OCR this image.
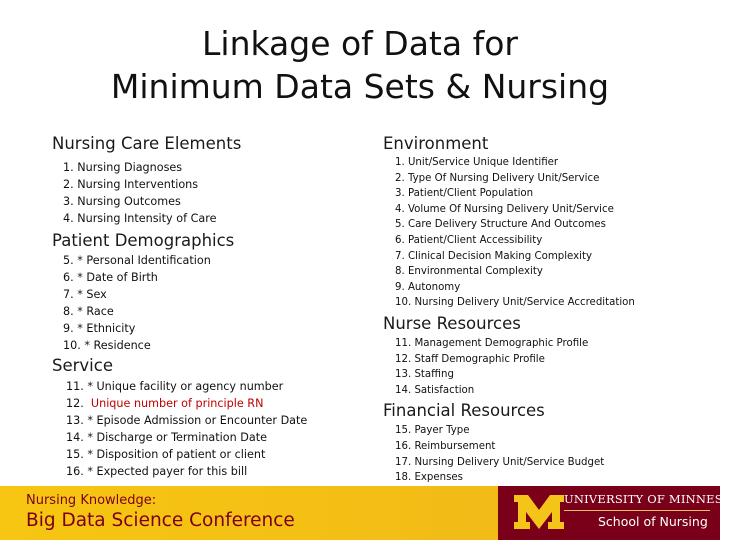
Linkage of Data for
Minimum Data Sets & Nursing
Nursing Care Elements
1. Nursing Diagnoses
2. Nursing Interventions
3. Nursing Outcomes
4. Nursing Intensity of Care
Patient Demographics
5. * Personal Identification
6. * Date of Birth
7. * Sex
8. * Race
9. * Ethnicity
10. * Residence
Service
11. * Unique facility or agency number
12. Unique number of principle RN
13. * Episode Admission or Encounter Date
14. * Discharge or Termination Date
15. * Disposition of patient or client
16. * Expected payer for this bill
Environment
1. Unit/Service Unique Identifier
2. Type Of Nursing Delivery Unit/Service
3. Patient/Client Population
4. Volume Of Nursing Delivery Unit/Service
5. Care Delivery Structure And Outcomes
6. Patient/Client Accessibility
7. Clinical Decision Making Complexity
8. Environmental Complexity
9. Autonomy
10. Nursing Delivery Unit/Service Accreditation
Nurse Resources
11. Management Demographic Profile
12. Staff Demographic Profile
13. Staffing
14. Satisfaction
Financial Resources
15. Payer Type
16. Reimbursement
17. Nursing Delivery Unit/Service Budget
18. Expenses
Nursing Knowledge:
Big Data Science Conference
UNIVERSITY OF MINNESOTA
School of Nursing
